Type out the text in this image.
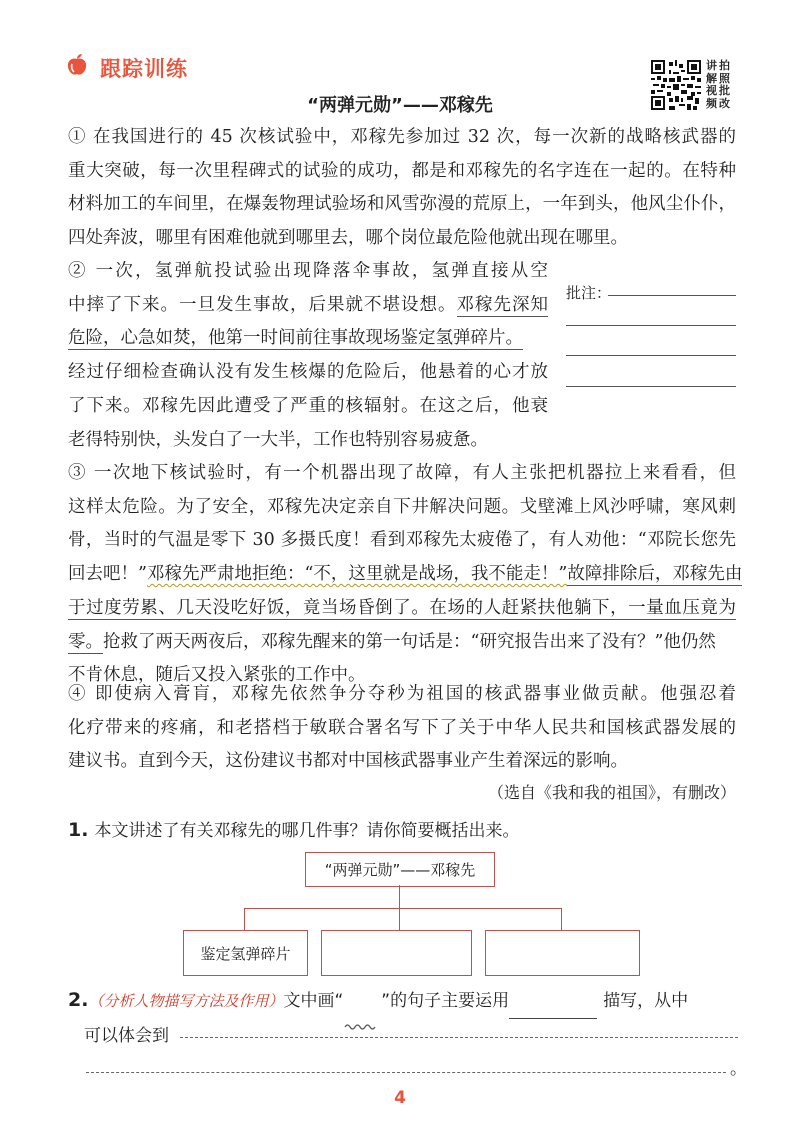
跟踪训练	讲解视频
拍照批改
“两弹元勋”——邓稼先
① 在我国进行的 45 次核试验中，邓稼先参加过 32 次，每一次新的战略核武器的
重大突破，每一次里程碑式的试验的成功，都是和邓稼先的名字连在一起的。在特种
材料加工的车间里，在爆轰物理试验场和风雪弥漫的荒原上，一年到头，他风尘仆仆，
四处奔波，哪里有困难他就到哪里去，哪个岗位最危险他就出现在哪里。
② 一次，氢弹航投试验出现降落伞事故，氢弹直接从空
中摔了下来。一旦发生事故，后果就不堪设想。邓稼先深知
危险，心急如焚，他第一时间前往事故现场鉴定氢弹碎片。
经过仔细检查确认没有发生核爆的危险后，他悬着的心才放
了下来。邓稼先因此遭受了严重的核辐射。在这之后，他衰
老得特别快，头发白了一大半，工作也特别容易疲惫。
批注：
③ 一次地下核试验时，有一个机器出现了故障，有人主张把机器拉上来看看，但
这样太危险。为了安全，邓稼先决定亲自下井解决问题。戈壁滩上风沙呼啸，寒风刺
骨，当时的气温是零下 30 多摄氏度！看到邓稼先太疲倦了，有人劝他：“邓院长您先
回去吧！”邓稼先严肃地拒绝：“不，这里就是战场，我不能走！”故障排除后，邓稼先由
于过度劳累、几天没吃好饭，竟当场昏倒了。在场的人赶紧扶他躺下，一量血压竟为
零。抢救了两天两夜后，邓稼先醒来的第一句话是：“研究报告出来了没有？”他仍然
不肯休息，随后又投入紧张的工作中。
④ 即使病入膏肓，邓稼先依然争分夺秒为祖国的核武器事业做贡献。他强忍着
化疗带来的疼痛，和老搭档于敏联合署名写下了关于中华人民共和国核武器发展的
建议书。直到今天，这份建议书都对中国核武器事业产生着深远的影响。
（选自《我和我的祖国》，有删改）
1. 本文讲述了有关邓稼先的哪几件事？请你简要概括出来。
“两弹元勋”——邓稼先
鉴定氢弹碎片
2.（分析人物描写方法及作用）文中画“ ”的句子主要运用	描写，从中
可以体会到
。
4
